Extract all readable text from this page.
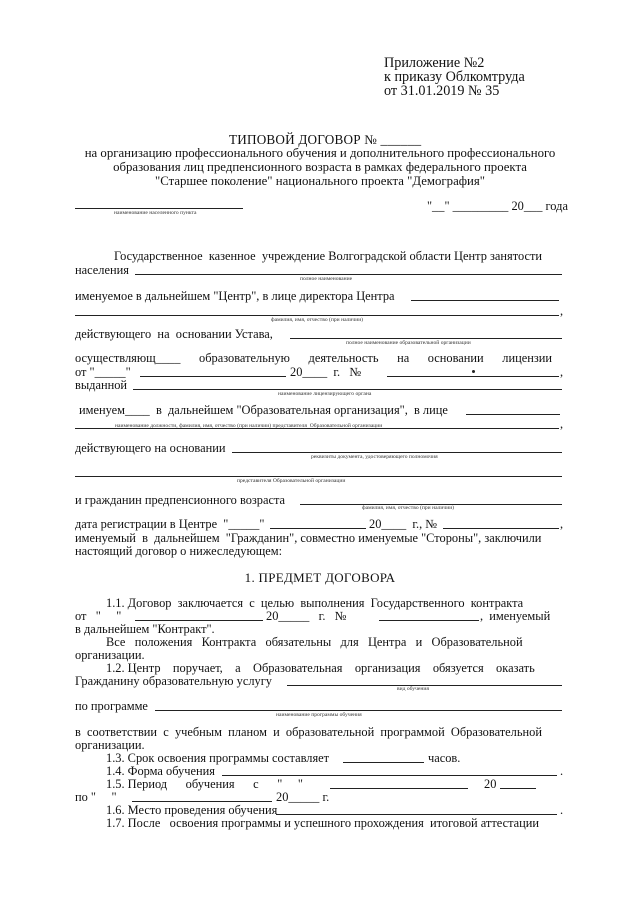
Приложение №2
к приказу Облкомтруда
от 31.01.2019 № 35
ТИПОВОЙ ДОГОВОР № ______
на организацию профессионального обучения и дополнительного профессионального
образования лиц предпенсионного возраста в рамках федерального проекта
"Старшее поколение" национального проекта "Демография"
наименование населенного пункта	"__" _________ 20___ года
Государственное  казенное  учреждение Волгоградской области Центр занятости
населения
полное наименование
именуемое в дальнейшем "Центр", в лице директора Центра
,
фамилия, имя, отчество (при наличии)
действующего  на  основании Устава,
полное наименование образовательной организации
осуществляющ____      образовательную      деятельность      на      основании      лицензии
от "_____"	20____  г.   №	,
выданной
наименование лицензирующего органа
именуем____  в  дальнейшем "Образовательная организация",  в лице
,
наименование должности, фамилия, имя, отчество (при наличии) представителя  Образовательной организации
действующего на основании
реквизиты документа, удостоверяющего полномочия
представителя Образовательной организации
и гражданин предпенсионного возраста
фамилия, имя, отчество (при наличии)
дата регистрации в Центре  "_____"	20____  г., №	,
именуемый  в  дальнейшем  "Гражданин", совместно именуемые "Стороны", заключили
настоящий договор о нижеследующем:
1. ПРЕДМЕТ ДОГОВОРА
1.1. Договор  заключается  с  целью  выполнения  Государственного  контракта
от   "     "	20_____   г.   №	,  именуемый
в дальнейшем "Контракт".
Все   положения   Контракта   обязательны   для   Центра   и   Образовательной
организации.
1.2. Центр    поручает,    а    Образовательная    организация    обязуется    оказать
Гражданину образовательную услугу
вид обучения
по программе
наименование программы обучения
в  соответствии  с  учебным  планом  и  образовательной  программой  Образовательной
организации.
1.3. Срок освоения программы составляет	часов.
1.4. Форма обучения	.
1.5. Период      обучения      с      "     "	20
по "     "	20_____ г.
1.6. Место проведения обучения	.
1.7. После   освоения программы и успешного прохождения  итоговой аттестации
